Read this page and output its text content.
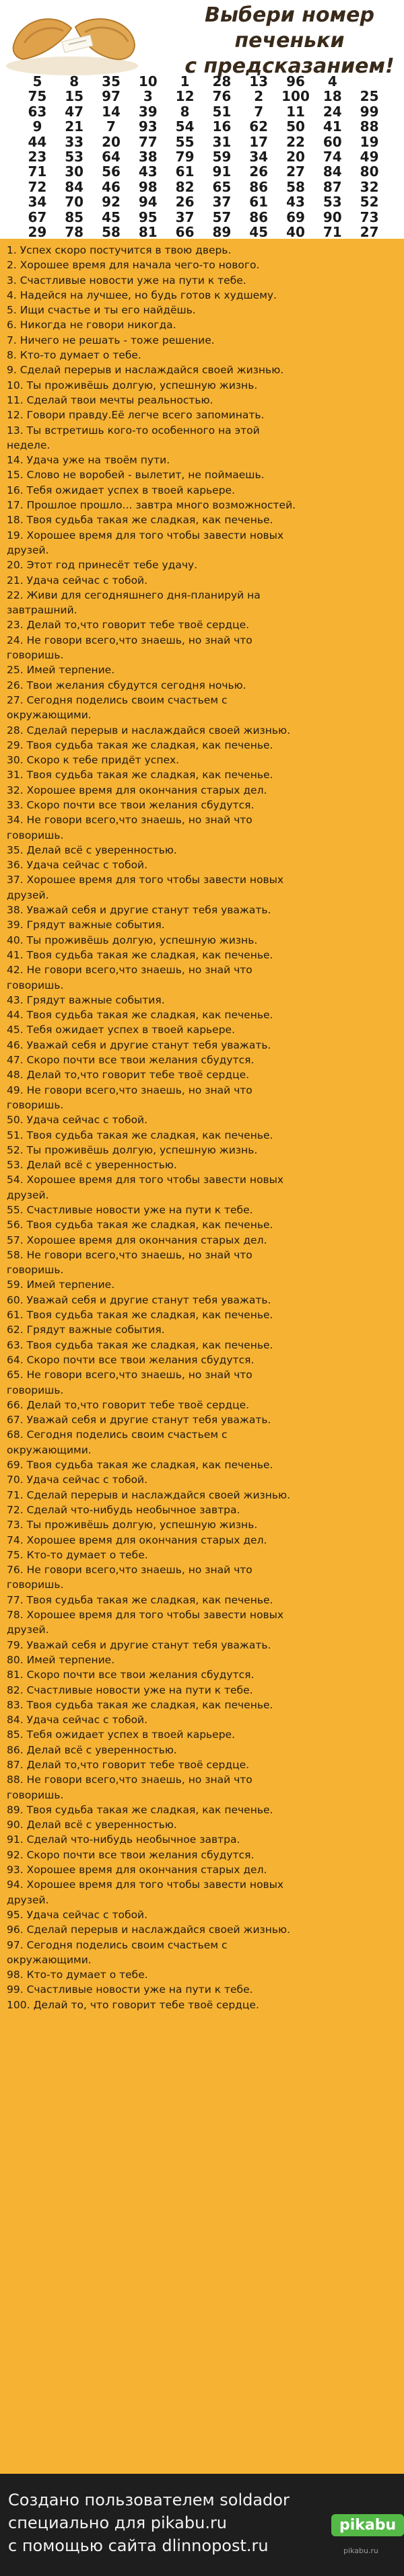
Выбери номер печеньки
с предсказанием!
5	8	35	10	1	28	13	96	4
75	15	97	3	12	76	2	100	18	25
63	47	14	39	8	51	7	11	24	99
9	21	7	93	54	16	62	50	41	88
44	33	20	77	55	31	17	22	60	19
23	53	64	38	79	59	34	20	74	49
71	30	56	43	61	91	26	27	84	80
72	84	46	98	82	65	86	58	87	32
34	70	92	94	26	37	61	43	53	52
67	85	45	95	37	57	86	69	90	73
29	78	58	81	66	89	45	40	71	27
1. Успех скоро постучится в твою дверь.
2. Хорошее время для начала чего-то нового.
3. Счастливые новости уже на пути к тебе.
4. Надейся на лучшее, но будь готов к худшему.
5. Ищи счастье и ты его найдёшь.
6. Никогда не говори никогда.
7. Ничего не решать - тоже решение.
8. Кто-то думает о тебе.
9. Сделай перерыв и наслаждайся своей жизнью.
10. Ты проживёшь долгую, успешную жизнь.
11. Сделай твои мечты реальностью.
12. Говори правду.Её легче всего запоминать.
13. Ты встретишь кого-то особенного на этой
неделе.
14. Удача уже на твоём пути.
15. Слово не воробей - вылетит, не поймаешь.
16. Тебя ожидает успех в твоей карьере.
17. Прошлое прошло... завтра много возможностей.
18. Твоя судьба такая же сладкая, как печенье.
19. Хорошее время для того чтобы завести новых
друзей.
20. Этот год принесёт тебе удачу.
21. Удача сейчас с тобой.
22. Живи для сегодняшнего дня-планируй на
завтрашний.
23. Делай то,что говорит тебе твоё сердце.
24. Не говори всего,что знаешь, но знай что
говоришь.
25. Имей терпение.
26. Твои желания сбудутся сегодня ночью.
27. Сегодня поделись своим счастьем с
окружающими.
28. Сделай перерыв и наслаждайся своей жизнью.
29. Твоя судьба такая же сладкая, как печенье.
30. Скоро к тебе придёт успех.
31. Твоя судьба такая же сладкая, как печенье.
32. Хорошее время для окончания старых дел.
33. Скоро почти все твои желания сбудутся.
34. Не говори всего,что знаешь, но знай что
говоришь.
35. Делай всё с уверенностью.
36. Удача сейчас с тобой.
37. Хорошее время для того чтобы завести новых
друзей.
38. Уважай себя и другие станут тебя уважать.
39. Грядут важные события.
40. Ты проживёшь долгую, успешную жизнь.
41. Твоя судьба такая же сладкая, как печенье.
42. Не говори всего,что знаешь, но знай что
говоришь.
43. Грядут важные события.
44. Твоя судьба такая же сладкая, как печенье.
45. Тебя ожидает успех в твоей карьере.
46. Уважай себя и другие станут тебя уважать.
47. Скоро почти все твои желания сбудутся.
48. Делай то,что говорит тебе твоё сердце.
49. Не говори всего,что знаешь, но знай что
говоришь.
50. Удача сейчас с тобой.
51. Твоя судьба такая же сладкая, как печенье.
52. Ты проживёшь долгую, успешную жизнь.
53. Делай всё с уверенностью.
54. Хорошее время для того чтобы завести новых
друзей.
55. Счастливые новости уже на пути к тебе.
56. Твоя судьба такая же сладкая, как печенье.
57. Хорошее время для окончания старых дел.
58. Не говори всего,что знаешь, но знай что
говоришь.
59. Имей терпение.
60. Уважай себя и другие станут тебя уважать.
61. Твоя судьба такая же сладкая, как печенье.
62. Грядут важные события.
63. Твоя судьба такая же сладкая, как печенье.
64. Скоро почти все твои желания сбудутся.
65. Не говори всего,что знаешь, но знай что
говоришь.
66. Делай то,что говорит тебе твоё сердце.
67. Уважай себя и другие станут тебя уважать.
68. Сегодня поделись своим счастьем с
окружающими.
69. Твоя судьба такая же сладкая, как печенье.
70. Удача сейчас с тобой.
71. Сделай перерыв и наслаждайся своей жизнью.
72. Сделай что-нибудь необычное завтра.
73. Ты проживёшь долгую, успешную жизнь.
74. Хорошее время для окончания старых дел.
75. Кто-то думает о тебе.
76. Не говори всего,что знаешь, но знай что
говоришь.
77. Твоя судьба такая же сладкая, как печенье.
78. Хорошее время для того чтобы завести новых
друзей.
79. Уважай себя и другие станут тебя уважать.
80. Имей терпение.
81. Скоро почти все твои желания сбудутся.
82. Счастливые новости уже на пути к тебе.
83. Твоя судьба такая же сладкая, как печенье.
84. Удача сейчас с тобой.
85. Тебя ожидает успех в твоей карьере.
86. Делай всё с уверенностью.
87. Делай то,что говорит тебе твоё сердце.
88. Не говори всего,что знаешь, но знай что
говоришь.
89. Твоя судьба такая же сладкая, как печенье.
90. Делай всё с уверенностью.
91. Сделай что-нибудь необычное завтра.
92. Скоро почти все твои желания сбудутся.
93. Хорошее время для окончания старых дел.
94. Хорошее время для того чтобы завести новых
друзей.
95. Удача сейчас с тобой.
96. Сделай перерыв и наслаждайся своей жизнью.
97. Сегодня поделись своим счастьем с
окружающими.
98. Кто-то думает о тебе.
99. Счастливые новости уже на пути к тебе.
100. Делай то, что говорит тебе твоё сердце.
Создано пользователем soldador
специально для pikabu.ru
с помощью сайта dlinnopost.ru
pikabu
pikabu.ru
